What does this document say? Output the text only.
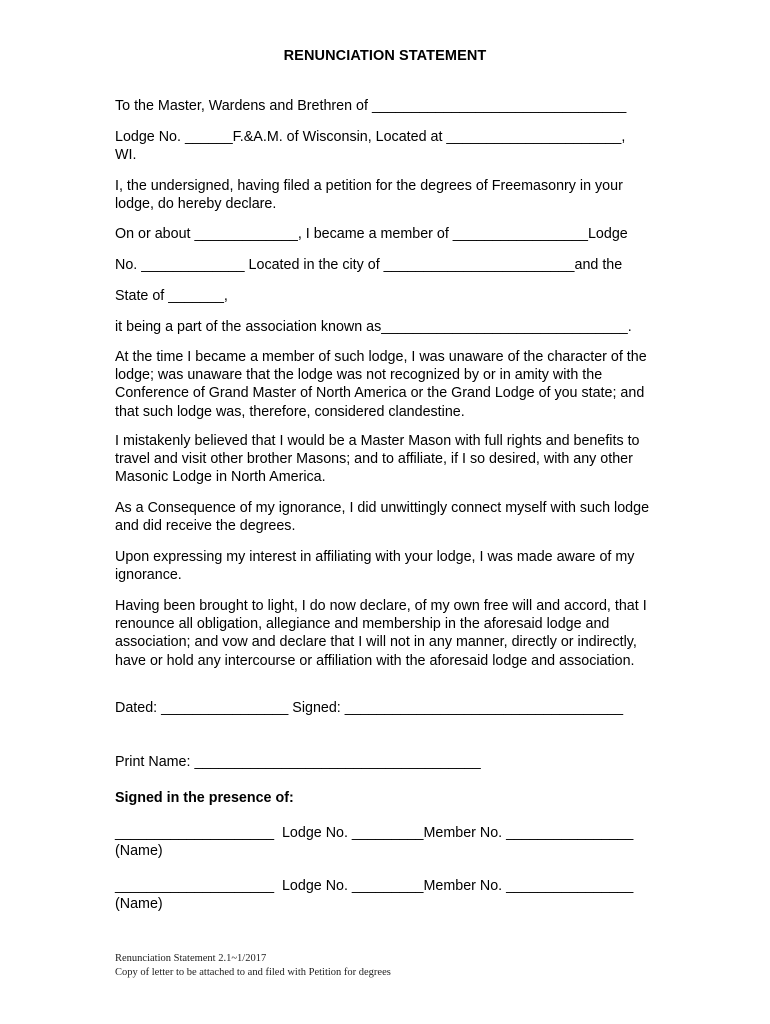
RENUNCIATION STATEMENT
To the Master, Wardens and Brethren of ________________________________
Lodge No. ______F.&A.M. of Wisconsin, Located at ______________________,
WI.
I, the undersigned, having filed a petition for the degrees of Freemasonry in your lodge, do hereby declare.
On or about _____________, I became a member of _________________Lodge
No. _____________ Located in the city of ________________________and the
State of _______,
it being a part of the association known as_______________________________.
At the time I became a member of such lodge, I was unaware of the character of the lodge; was unaware that the lodge was not recognized by or in amity with the Conference of Grand Master of North America or the Grand Lodge of you state; and that such lodge was, therefore, considered clandestine.
I mistakenly believed that I would be a Master Mason with full rights and benefits to travel and visit other brother Masons; and to affiliate, if I so desired, with any other Masonic Lodge in North America.
As a Consequence of my ignorance, I did unwittingly connect myself with such lodge and did receive the degrees.
Upon expressing my interest in affiliating with your lodge, I was made aware of my ignorance.
Having been brought to light, I do now declare, of my own free will and accord, that I renounce all obligation, allegiance and membership in the aforesaid lodge and association; and vow and declare that I will not in any manner, directly or indirectly, have or hold any intercourse or affiliation with the aforesaid lodge and association.
Dated: ________________ Signed: ___________________________________
Print Name: ____________________________________
Signed in the presence of:
____________________  Lodge No. _________Member No. ________________
(Name)
____________________  Lodge No. _________Member No. ________________
(Name)
Renunciation Statement 2.1~1/2017
Copy of letter to be attached to and filed with Petition for degrees
